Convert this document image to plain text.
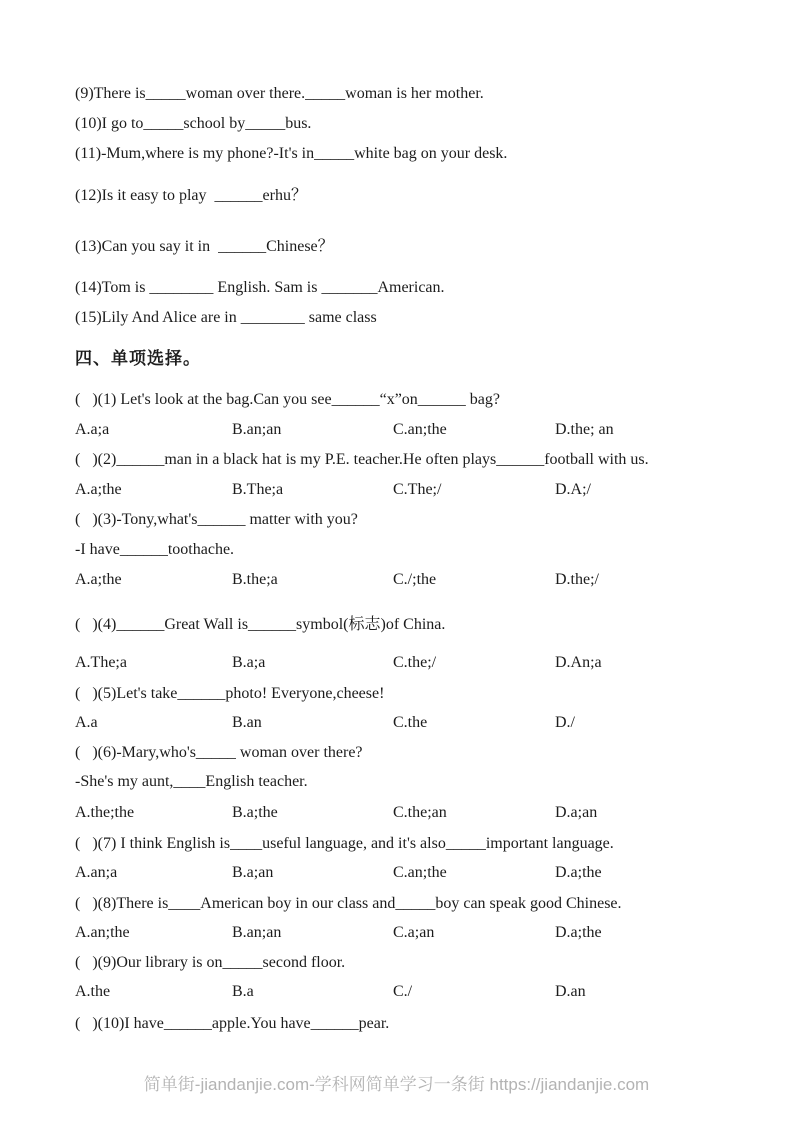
(9)There is_____woman over there._____woman is her mother.
(10)I go to_____school by_____bus.
(11)-Mum,where is my phone?-It's in_____white bag on your desk.
(12)Is it easy to play  ______erhu？
(13)Can you say it in  ______Chinese？
(14)Tom is ________ English. Sam is _______American.
(15)Lily And Alice are in ________ same class
四、单项选择。
(   )(1) Let's look at the bag.Can you see______“x”on______ bag?
A.a;a	B.an;an	C.an;the	D.the; an
(   )(2)______man in a black hat is my P.E. teacher.He often plays______football with us.
A.a;the	B.The;a	C.The;/	D.A;/
(   )(3)-Tony,what's______ matter with you?
-I have______toothache.
A.a;the	B.the;a	C./;the	D.the;/
(   )(4)______Great Wall is______symbol(标志)of China.
A.The;a	B.a;a	C.the;/	D.An;a
(   )(5)Let's take______photo! Everyone,cheese!
A.a	B.an	C.the	D./
(   )(6)-Mary,who's_____ woman over there?
-She's my aunt,____English teacher.
A.the;the	B.a;the	C.the;an	D.a;an
(   )(7) I think English is____useful language, and it's also_____important language.
A.an;a	B.a;an	C.an;the	D.a;the
(   )(8)There is____American boy in our class and_____boy can speak good Chinese.
A.an;the	B.an;an	C.a;an	D.a;the
(   )(9)Our library is on_____second floor.
A.the	B.a	C./	D.an
(   )(10)I have______apple.You have______pear.
简单街-jiandanjie.com-学科网简单学习一条街 https://jiandanjie.com
